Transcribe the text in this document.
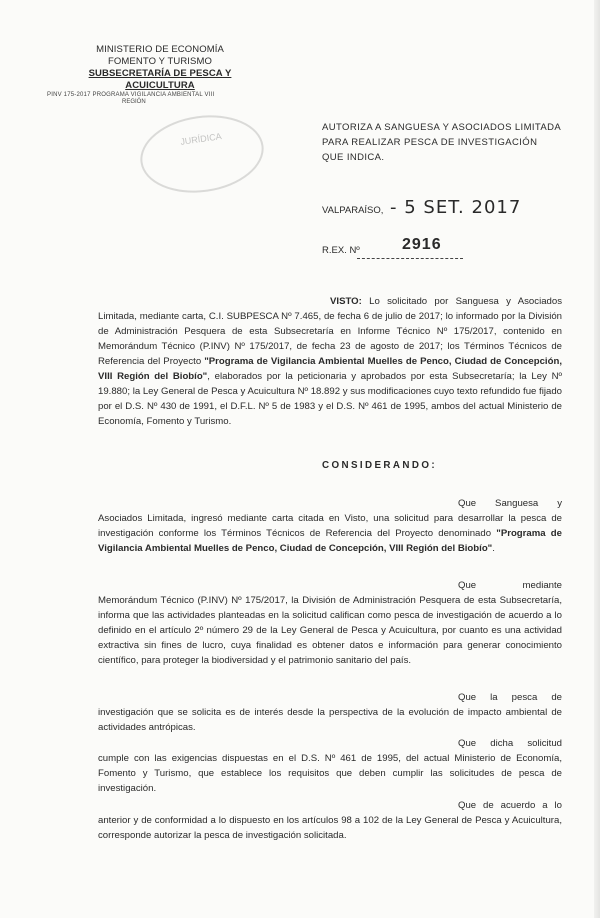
MINISTERIO DE ECONOMÍA
FOMENTO Y TURISMO
SUBSECRETARÍA DE PESCA Y ACUICULTURA
PINV 175-2017 PROGRAMA VIGILANCIA AMBIENTAL VIII
REGIÓN
JURÍDICA
AUTORIZA A SANGUESA Y ASOCIADOS LIMITADA PARA REALIZAR PESCA DE INVESTIGACIÓN QUE INDICA.
VALPARAÍSO, - 5 SET. 2017
R.EX. Nº	2916
VISTO: Lo solicitado por Sanguesa y Asociados Limitada, mediante carta, C.I. SUBPESCA Nº 7.465, de fecha 6 de julio de 2017; lo informado por la División de Administración Pesquera de esta Subsecretaría en Informe Técnico Nº 175/2017, contenido en Memorándum Técnico (P.INV) Nº 175/2017, de fecha 23 de agosto de 2017; los Términos Técnicos de Referencia del Proyecto "Programa de Vigilancia Ambiental Muelles de Penco, Ciudad de Concepción, VIII Región del Biobío", elaborados por la peticionaria y aprobados por esta Subsecretaría; la Ley Nº 19.880; la Ley General de Pesca y Acuicultura Nº 18.892 y sus modificaciones cuyo texto refundido fue fijado por el D.S. Nº 430 de 1991, el D.F.L. Nº 5 de 1983 y el D.S. Nº 461 de 1995, ambos del actual Ministerio de Economía, Fomento y Turismo.
CONSIDERANDO:
Que Sanguesa y Asociados Limitada, ingresó mediante carta citada en Visto, una solicitud para desarrollar la pesca de investigación conforme los Términos Técnicos de Referencia del Proyecto denominado "Programa de Vigilancia Ambiental Muelles de Penco, Ciudad de Concepción, VIII Región del Biobío".
Que mediante Memorándum Técnico (P.INV) Nº 175/2017, la División de Administración Pesquera de esta Subsecretaría, informa que las actividades planteadas en la solicitud califican como pesca de investigación de acuerdo a lo definido en el artículo 2º número 29 de la Ley General de Pesca y Acuicultura, por cuanto es una actividad extractiva sin fines de lucro, cuya finalidad es obtener datos e información para generar conocimiento científico, para proteger la biodiversidad y el patrimonio sanitario del país.
Que la pesca de investigación que se solicita es de interés desde la perspectiva de la evolución de impacto ambiental de actividades antrópicas.
Que dicha solicitud cumple con las exigencias dispuestas en el D.S. Nº 461 de 1995, del actual Ministerio de Economía, Fomento y Turismo, que establece los requisitos que deben cumplir las solicitudes de pesca de investigación.
Que de acuerdo a lo anterior y de conformidad a lo dispuesto en los artículos 98 a 102 de la Ley General de Pesca y Acuicultura, corresponde autorizar la pesca de investigación solicitada.
